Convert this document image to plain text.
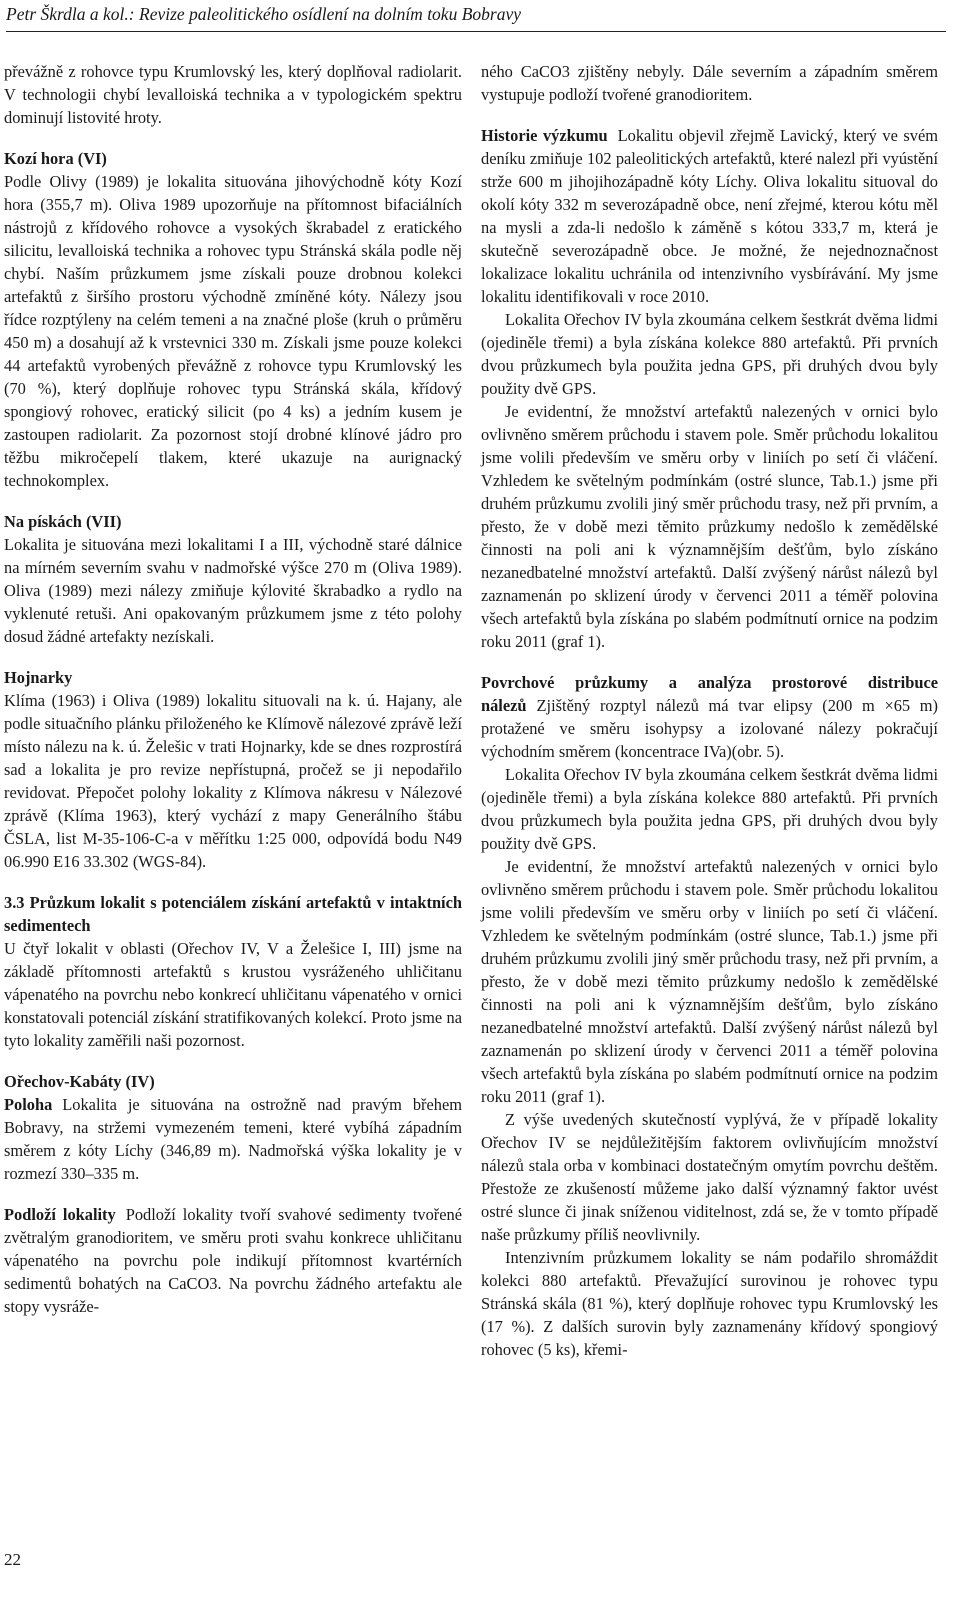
Petr Škrdla a kol.: Revize paleolitického osídlení na dolním toku Bobravy

převážně z rohovce typu Krumlovský les, který doplňoval radiolarit. V technologii chybí levalloiská technika a v typologickém spektru dominují listovité hroty.

Kozí hora (VI)

Podle Olivy (1989) je lokalita situována jihovýchodně kóty Kozí hora (355,7 m). Oliva 1989 upozorňuje na přítomnost bifaciálních nástrojů z křídového rohovce a vysokých škrabadel z eratického silicitu, levalloiská technika a rohovec typu Stránská skála podle něj chybí. Naším průzkumem jsme získali pouze drobnou kolekci artefaktů z širšího prostoru východně zmíněné kóty. Nálezy jsou řídce rozptýleny na celém temeni a na značné ploše (kruh o průměru 450 m) a dosahují až k vrstevnici 330 m. Získali jsme pouze kolekci 44 artefaktů vyrobených převážně z rohovce typu Krumlovský les (70 %), který doplňuje rohovec typu Stránská skála, křídový spongiový rohovec, eratický silicit (po 4 ks) a jedním kusem je zastoupen radiolarit. Za pozornost stojí drobné klínové jádro pro těžbu mikročepelí tlakem, které ukazuje na aurignacký technokomplex.

Na pískách (VII)

Lokalita je situována mezi lokalitami I a III, východně staré dálnice na mírném severním svahu v nadmořské výšce 270 m (Oliva 1989). Oliva (1989) mezi nálezy zmiňuje kýlovité škrabadko a rydlo na vyklenuté retuši. Ani opakovaným průzkumem jsme z této polohy dosud žádné artefakty nezískali.

Hojnarky

Klíma (1963) i Oliva (1989) lokalitu situovali na k. ú. Hajany, ale podle situačního plánku přiloženého ke Klímově nálezové zprávě leží místo nálezu na k. ú. Želešic v trati Hojnarky, kde se dnes rozprostírá sad a lokalita je pro revize nepřístupná, pročež se ji nepodařilo revidovat. Přepočet polohy lokality z Klímova nákresu v Nálezové zprávě (Klíma 1963), který vychází z mapy Generálního štábu ČSLA, list M-35-106-C-a v měřítku 1:25 000, odpovídá bodu N49 06.990 E16 33.302 (WGS-84).

3.3 Průzkum lokalit s potenciálem získání artefaktů v intaktních sedimentech

U čtyř lokalit v oblasti (Ořechov IV, V a Želešice I, III) jsme na základě přítomnosti artefaktů s krustou vysráženého uhličitanu vápenatého na povrchu nebo konkrecí uhličitanu vápenatého v ornici konstatovali potenciál získání stratifikovaných kolekcí. Proto jsme na tyto lokality zaměřili naši pozornost.

Ořechov-Kabáty (IV)

Poloha Lokalita je situována na ostrožně nad pravým břehem Bobravy, na stržemi vymezeném temeni, které vybíhá západním směrem z kóty Líchy (346,89 m). Nadmořská výška lokality je v rozmezí 330–335 m.

Podloží lokality Podloží lokality tvoří svahové sedimenty tvořené zvětralým granodioritem, ve směru proti svahu konkrece uhličitanu vápenatého na povrchu pole indikují přítomnost kvartérních sedimentů bohatých na CaCO3. Na povrchu žádného artefaktu ale stopy vysráže-

ného CaCO3 zjištěny nebyly. Dále severním a západním směrem vystupuje podloží tvořené granodioritem.

Historie výzkumu Lokalitu objevil zřejmě Lavický, který ve svém deníku zmiňuje 102 paleolitických artefaktů, které nalezl při vyústění strže 600 m jihojihozápadně kóty Líchy. Oliva lokalitu situoval do okolí kóty 332 m severozápadně obce, není zřejmé, kterou kótu měl na mysli a zda-li nedošlo k záměně s kótou 333,7 m, která je skutečně severozápadně obce. Je možné, že nejednoznačnost lokalizace lokalitu uchránila od intenzivního vysbírávání. My jsme lokalitu identifikovali v roce 2010.

Lokalita Ořechov IV byla zkoumána celkem šestkrát dvěma lidmi (ojediněle třemi) a byla získána kolekce 880 artefaktů. Při prvních dvou průzkumech byla použita jedna GPS, při druhých dvou byly použity dvě GPS.

Je evidentní, že množství artefaktů nalezených v ornici bylo ovlivněno směrem průchodu i stavem pole. Směr průchodu lokalitou jsme volili především ve směru orby v liniích po setí či vláčení. Vzhledem ke světelným podmínkám (ostré slunce, Tab.1.) jsme při druhém průzkumu zvolili jiný směr průchodu trasy, než při prvním, a přesto, že v době mezi těmito průzkumy nedošlo k zemědělské činnosti na poli ani k významnějším dešťům, bylo získáno nezanedbatelné množství artefaktů. Další zvýšený nárůst nálezů byl zaznamenán po sklizení úrody v červenci 2011 a téměř polovina všech artefaktů byla získána po slabém podmítnutí ornice na podzim roku 2011 (graf 1).

Povrchové průzkumy a analýza prostorové distribuce nálezů Zjištěný rozptyl nálezů má tvar elipsy (200 m ×65 m) protažené ve směru isohypsy a izolované nálezy pokračují východním směrem (koncentrace IVa)(obr. 5).

Lokalita Ořechov IV byla zkoumána celkem šestkrát dvěma lidmi (ojediněle třemi) a byla získána kolekce 880 artefaktů. Při prvních dvou průzkumech byla použita jedna GPS, při druhých dvou byly použity dvě GPS.

Je evidentní, že množství artefaktů nalezených v ornici bylo ovlivněno směrem průchodu i stavem pole. Směr průchodu lokalitou jsme volili především ve směru orby v liniích po setí či vláčení. Vzhledem ke světelným podmínkám (ostré slunce, Tab.1.) jsme při druhém průzkumu zvolili jiný směr průchodu trasy, než při prvním, a přesto, že v době mezi těmito průzkumy nedošlo k zemědělské činnosti na poli ani k významnějším dešťům, bylo získáno nezanedbatelné množství artefaktů. Další zvýšený nárůst nálezů byl zaznamenán po sklizení úrody v červenci 2011 a téměř polovina všech artefaktů byla získána po slabém podmítnutí ornice na podzim roku 2011 (graf 1).

Z výše uvedených skutečností vyplývá, že v případě lokality Ořechov IV se nejdůležitějším faktorem ovlivňujícím množství nálezů stala orba v kombinaci dostatečným omytím povrchu deštěm. Přestože ze zkušeností můžeme jako další významný faktor uvést ostré slunce či jinak sníženou viditelnost, zdá se, že v tomto případě naše průzkumy příliš neovlivnily.

Intenzivním průzkumem lokality se nám podařilo shromáždit kolekci 880 artefaktů. Převažující surovinou je rohovec typu Stránská skála (81 %), který doplňuje rohovec typu Krumlovský les (17 %). Z dalších surovin byly zaznamenány křídový spongiový rohovec (5 ks), křemi-

22
